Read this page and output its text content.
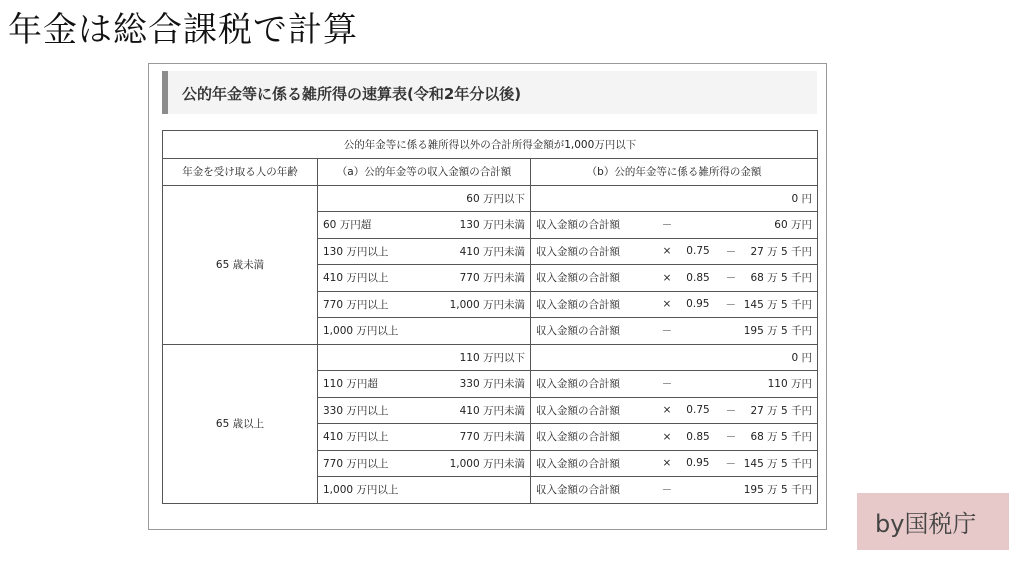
年金は総合課税で計算
公的年金等に係る雑所得の速算表(令和2年分以後)
公的年金等に係る雑所得以外の合計所得金額が1,000万円以下		
年金を受け取る人の年齢	（a）公的年金等の収入金額の合計額	（b）公的年金等に係る雑所得の金額
65 歳未満	60 万円以下	0 円

	60 万円超 130 万円未満	収入金額の合計額 － 60 万円

	130 万円以上 410 万円未満	収入金額の合計額 × 0.75 － 27 万 5 千円

	410 万円以上 770 万円未満	収入金額の合計額 × 0.85 － 68 万 5 千円

	770 万円以上 1,000 万円未満	収入金額の合計額 × 0.95 － 145 万 5 千円

	1,000 万円以上	収入金額の合計額 － 195 万 5 千円

65 歳以上	110 万円以下	0 円

	110 万円超 330 万円未満	収入金額の合計額 － 110 万円

	330 万円以上 410 万円未満	収入金額の合計額 × 0.75 － 27 万 5 千円

	410 万円以上 770 万円未満	収入金額の合計額 × 0.85 － 68 万 5 千円

	770 万円以上 1,000 万円未満	収入金額の合計額 × 0.95 － 145 万 5 千円

	1,000 万円以上	収入金額の合計額 － 195 万 5 千円
by国税庁
